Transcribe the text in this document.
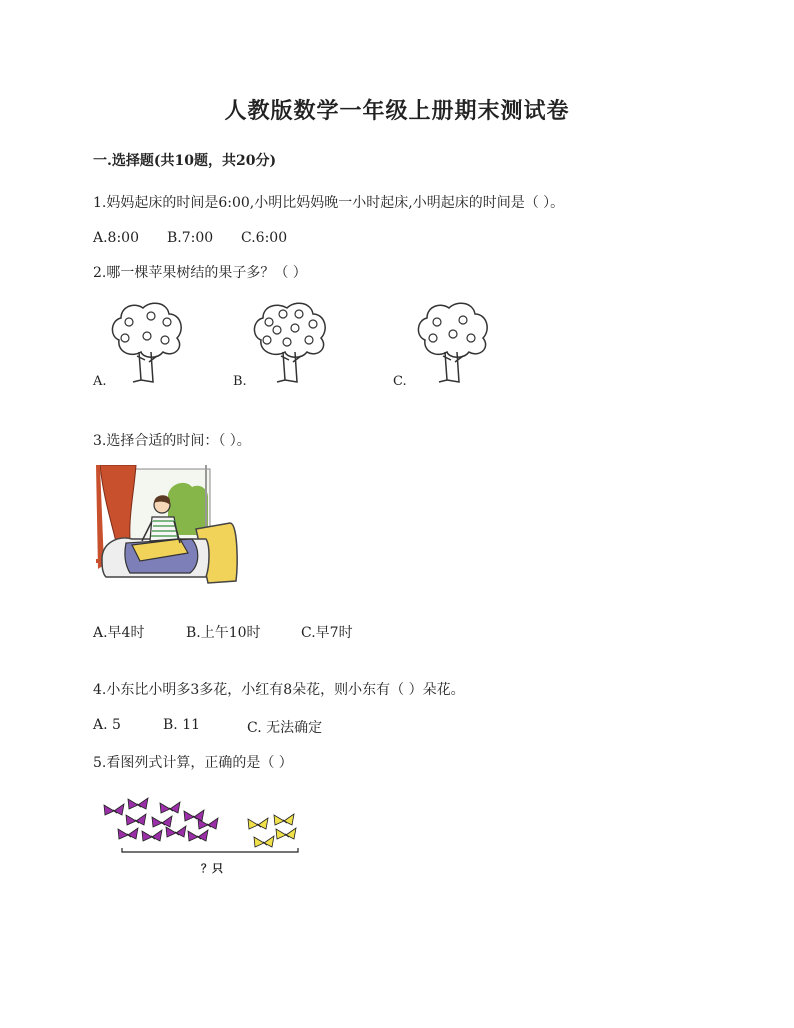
人教版数学一年级上册期末测试卷
一.选择题(共10题，共20分)
1.妈妈起床的时间是6:00,小明比妈妈晚一小时起床,小明起床的时间是（ ）。
A.8:00 B.7:00 C.6:00
2.哪一棵苹果树结的果子多？（ ）
A.	B.	C.
3.选择合适的时间：（ ）。
A.早4时	B.上午10时	C.早7时
4.小东比小明多3多花，小红有8朵花，则小东有（ ）朵花。
A. 5	B. 11	C. 无法确定
5.看图列式计算，正确的是（ ）
？只
